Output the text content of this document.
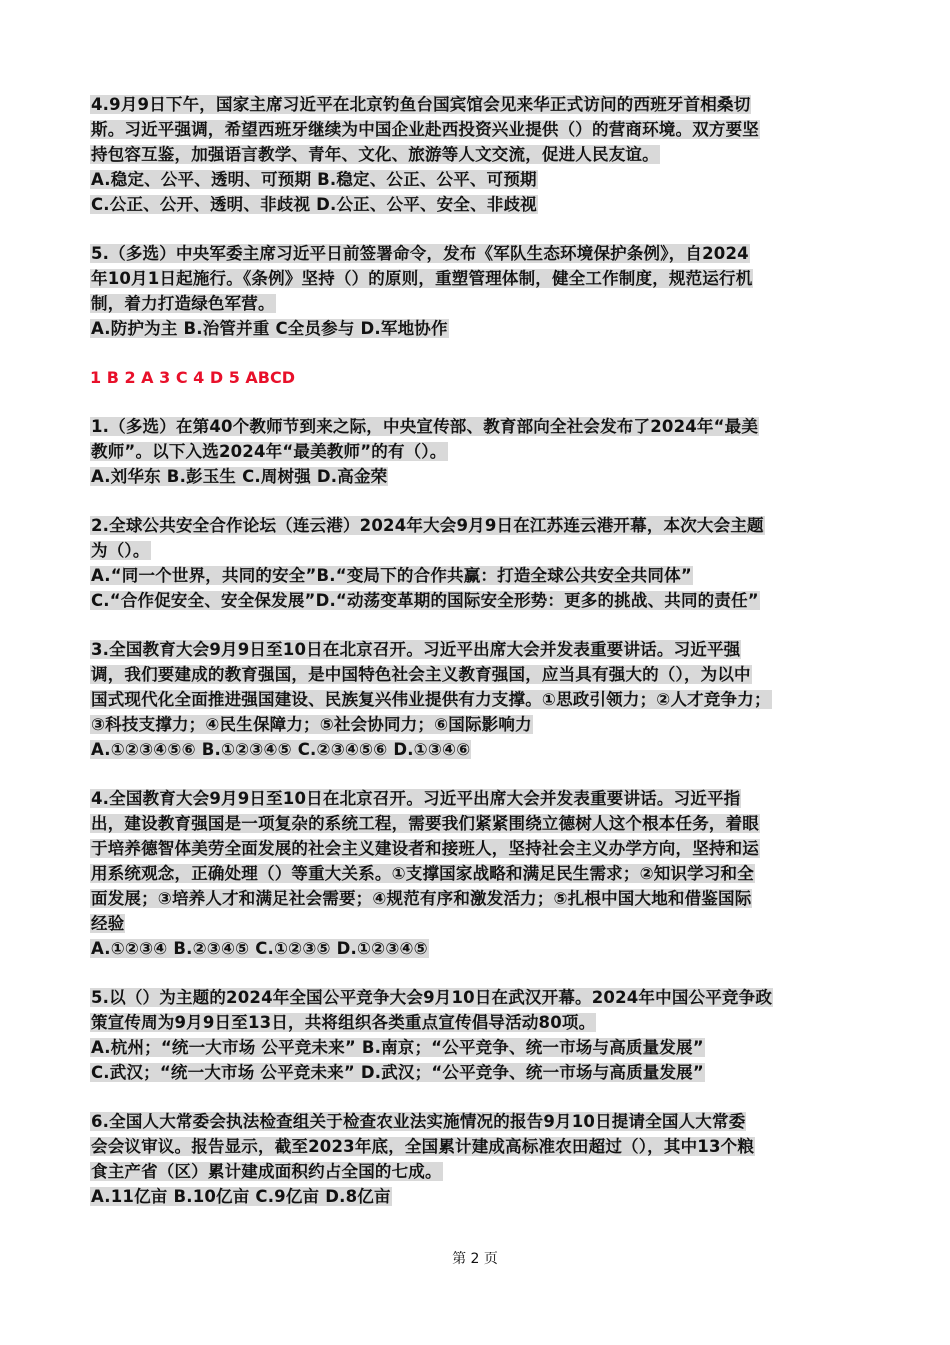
4.9月9日下午，国家主席习近平在北京钓鱼台国宾馆会见来华正式访问的西班牙首相桑切
斯。习近平强调，希望西班牙继续为中国企业赴西投资兴业提供（）的营商环境。双方要坚
持包容互鉴，加强语言教学、青年、文化、旅游等人文交流，促进人民友谊。
A.稳定、公平、透明、可预期 B.稳定、公正、公平、可预期
C.公正、公开、透明、非歧视 D.公正、公平、安全、非歧视
5.（多选）中央军委主席习近平日前签署命令，发布《军队生态环境保护条例》，自2024
年10月1日起施行。《条例》坚持（）的原则，重塑管理体制，健全工作制度，规范运行机
制，着力打造绿色军营。
A.防护为主 B.治管并重 C全员参与 D.军地协作
1 B 2 A 3 C 4 D 5 ABCD
1.（多选）在第40个教师节到来之际，中央宣传部、教育部向全社会发布了2024年“最美
教师”。以下入选2024年“最美教师”的有（）。
A.刘华东 B.彭玉生 C.周树强 D.高金荣
2.全球公共安全合作论坛（连云港）2024年大会9月9日在江苏连云港开幕，本次大会主题
为（）。
A.“同一个世界，共同的安全”B.“变局下的合作共赢：打造全球公共安全共同体”
C.“合作促安全、安全保发展”D.“动荡变革期的国际安全形势：更多的挑战、共同的责任”
3.全国教育大会9月9日至10日在北京召开。习近平出席大会并发表重要讲话。习近平强
调，我们要建成的教育强国，是中国特色社会主义教育强国，应当具有强大的（），为以中
国式现代化全面推进强国建设、民族复兴伟业提供有力支撑。①思政引领力；②人才竞争力；
③科技支撑力；④民生保障力；⑤社会协同力；⑥国际影响力
A.①②③④⑤⑥ B.①②③④⑤ C.②③④⑤⑥ D.①③④⑥
4.全国教育大会9月9日至10日在北京召开。习近平出席大会并发表重要讲话。习近平指
出，建设教育强国是一项复杂的系统工程，需要我们紧紧围绕立德树人这个根本任务，着眼
于培养德智体美劳全面发展的社会主义建设者和接班人，坚持社会主义办学方向，坚持和运
用系统观念，正确处理（）等重大关系。①支撑国家战略和满足民生需求；②知识学习和全
面发展；③培养人才和满足社会需要；④规范有序和激发活力；⑤扎根中国大地和借鉴国际
经验
A.①②③④ B.②③④⑤ C.①②③⑤ D.①②③④⑤
5.以（）为主题的2024年全国公平竞争大会9月10日在武汉开幕。2024年中国公平竞争政
策宣传周为9月9日至13日，共将组织各类重点宣传倡导活动80项。
A.杭州；“统一大市场 公平竞未来” B.南京；“公平竞争、统一市场与高质量发展”
C.武汉；“统一大市场 公平竞未来” D.武汉；“公平竞争、统一市场与高质量发展”
6.全国人大常委会执法检查组关于检查农业法实施情况的报告9月10日提请全国人大常委
会会议审议。报告显示，截至2023年底，全国累计建成高标准农田超过（），其中13个粮
食主产省（区）累计建成面积约占全国的七成。
A.11亿亩 B.10亿亩 C.9亿亩 D.8亿亩
第 2 页
